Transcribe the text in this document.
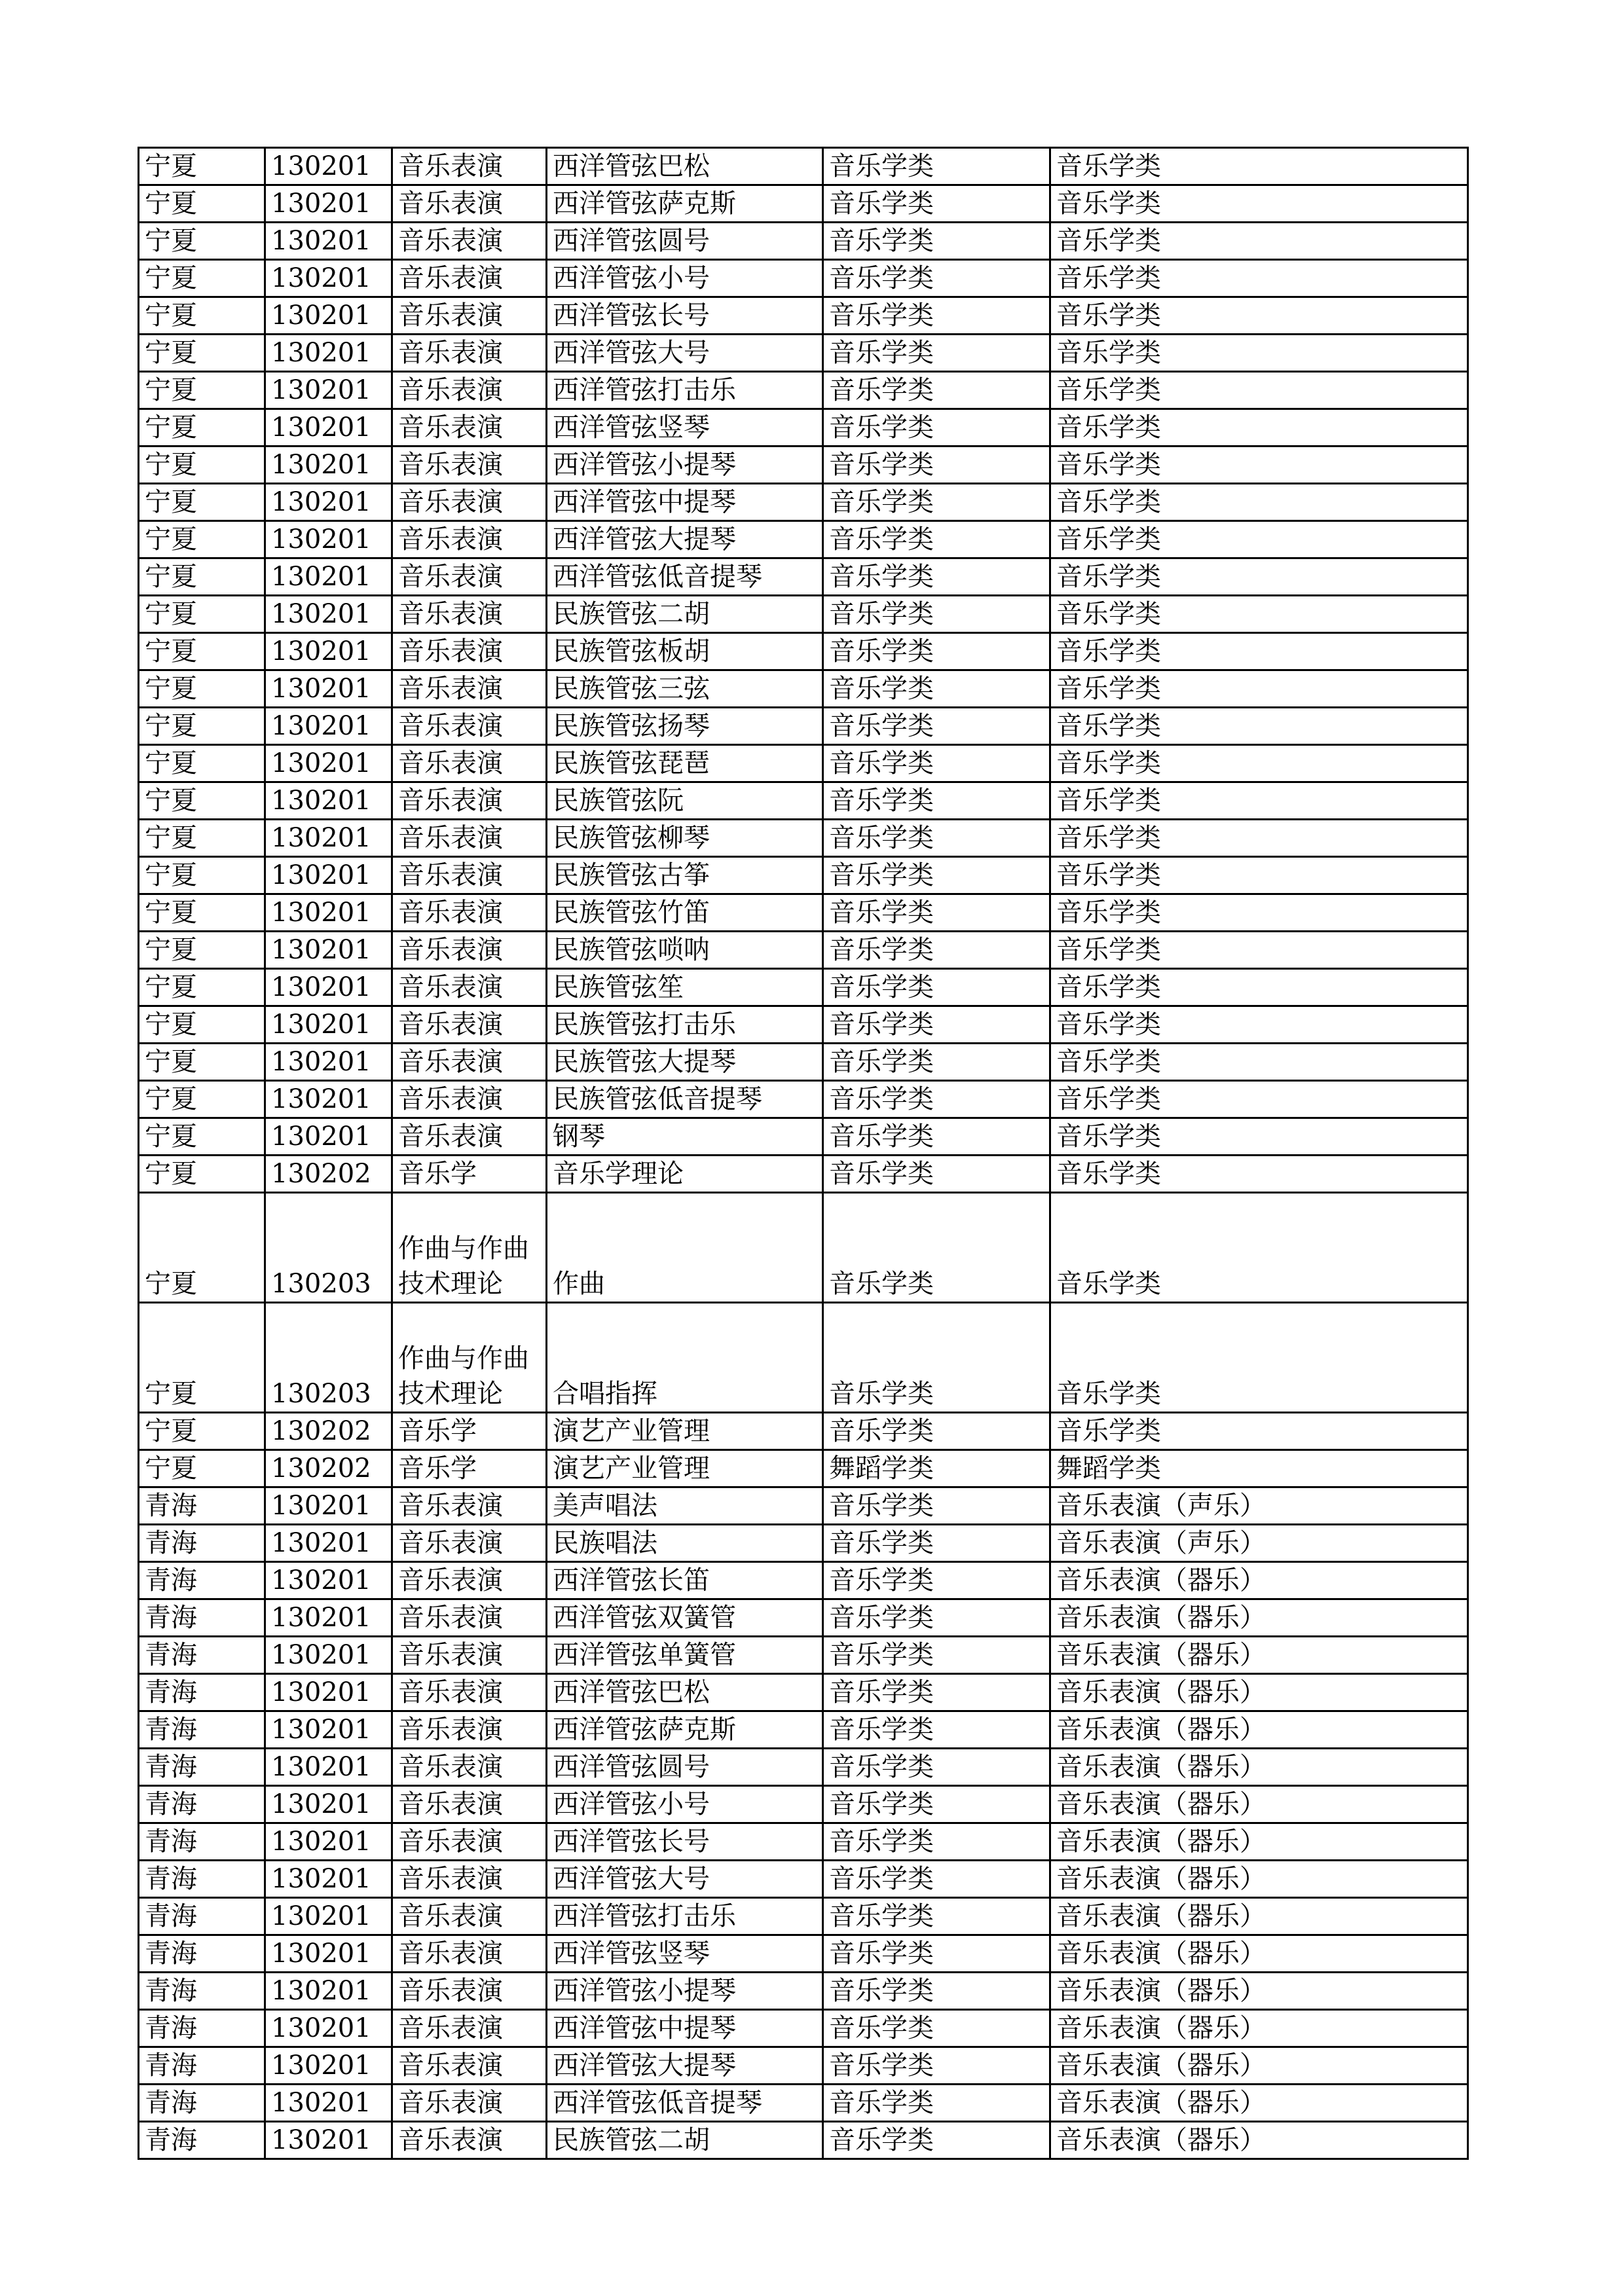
宁夏	130201	音乐表演	西洋管弦巴松	音乐学类	音乐学类
宁夏	130201	音乐表演	西洋管弦萨克斯	音乐学类	音乐学类
宁夏	130201	音乐表演	西洋管弦圆号	音乐学类	音乐学类
宁夏	130201	音乐表演	西洋管弦小号	音乐学类	音乐学类
宁夏	130201	音乐表演	西洋管弦长号	音乐学类	音乐学类
宁夏	130201	音乐表演	西洋管弦大号	音乐学类	音乐学类
宁夏	130201	音乐表演	西洋管弦打击乐	音乐学类	音乐学类
宁夏	130201	音乐表演	西洋管弦竖琴	音乐学类	音乐学类
宁夏	130201	音乐表演	西洋管弦小提琴	音乐学类	音乐学类
宁夏	130201	音乐表演	西洋管弦中提琴	音乐学类	音乐学类
宁夏	130201	音乐表演	西洋管弦大提琴	音乐学类	音乐学类
宁夏	130201	音乐表演	西洋管弦低音提琴	音乐学类	音乐学类
宁夏	130201	音乐表演	民族管弦二胡	音乐学类	音乐学类
宁夏	130201	音乐表演	民族管弦板胡	音乐学类	音乐学类
宁夏	130201	音乐表演	民族管弦三弦	音乐学类	音乐学类
宁夏	130201	音乐表演	民族管弦扬琴	音乐学类	音乐学类
宁夏	130201	音乐表演	民族管弦琵琶	音乐学类	音乐学类
宁夏	130201	音乐表演	民族管弦阮	音乐学类	音乐学类
宁夏	130201	音乐表演	民族管弦柳琴	音乐学类	音乐学类
宁夏	130201	音乐表演	民族管弦古筝	音乐学类	音乐学类
宁夏	130201	音乐表演	民族管弦竹笛	音乐学类	音乐学类
宁夏	130201	音乐表演	民族管弦唢呐	音乐学类	音乐学类
宁夏	130201	音乐表演	民族管弦笙	音乐学类	音乐学类
宁夏	130201	音乐表演	民族管弦打击乐	音乐学类	音乐学类
宁夏	130201	音乐表演	民族管弦大提琴	音乐学类	音乐学类
宁夏	130201	音乐表演	民族管弦低音提琴	音乐学类	音乐学类
宁夏	130201	音乐表演	钢琴	音乐学类	音乐学类
宁夏	130202	音乐学	音乐学理论	音乐学类	音乐学类
宁夏	130203	作曲与作曲技术理论	作曲	音乐学类	音乐学类
宁夏	130203	作曲与作曲技术理论	合唱指挥	音乐学类	音乐学类
宁夏	130202	音乐学	演艺产业管理	音乐学类	音乐学类
宁夏	130202	音乐学	演艺产业管理	舞蹈学类	舞蹈学类
青海	130201	音乐表演	美声唱法	音乐学类	音乐表演（声乐）
青海	130201	音乐表演	民族唱法	音乐学类	音乐表演（声乐）
青海	130201	音乐表演	西洋管弦长笛	音乐学类	音乐表演（器乐）
青海	130201	音乐表演	西洋管弦双簧管	音乐学类	音乐表演（器乐）
青海	130201	音乐表演	西洋管弦单簧管	音乐学类	音乐表演（器乐）
青海	130201	音乐表演	西洋管弦巴松	音乐学类	音乐表演（器乐）
青海	130201	音乐表演	西洋管弦萨克斯	音乐学类	音乐表演（器乐）
青海	130201	音乐表演	西洋管弦圆号	音乐学类	音乐表演（器乐）
青海	130201	音乐表演	西洋管弦小号	音乐学类	音乐表演（器乐）
青海	130201	音乐表演	西洋管弦长号	音乐学类	音乐表演（器乐）
青海	130201	音乐表演	西洋管弦大号	音乐学类	音乐表演（器乐）
青海	130201	音乐表演	西洋管弦打击乐	音乐学类	音乐表演（器乐）
青海	130201	音乐表演	西洋管弦竖琴	音乐学类	音乐表演（器乐）
青海	130201	音乐表演	西洋管弦小提琴	音乐学类	音乐表演（器乐）
青海	130201	音乐表演	西洋管弦中提琴	音乐学类	音乐表演（器乐）
青海	130201	音乐表演	西洋管弦大提琴	音乐学类	音乐表演（器乐）
青海	130201	音乐表演	西洋管弦低音提琴	音乐学类	音乐表演（器乐）
青海	130201	音乐表演	民族管弦二胡	音乐学类	音乐表演（器乐）
